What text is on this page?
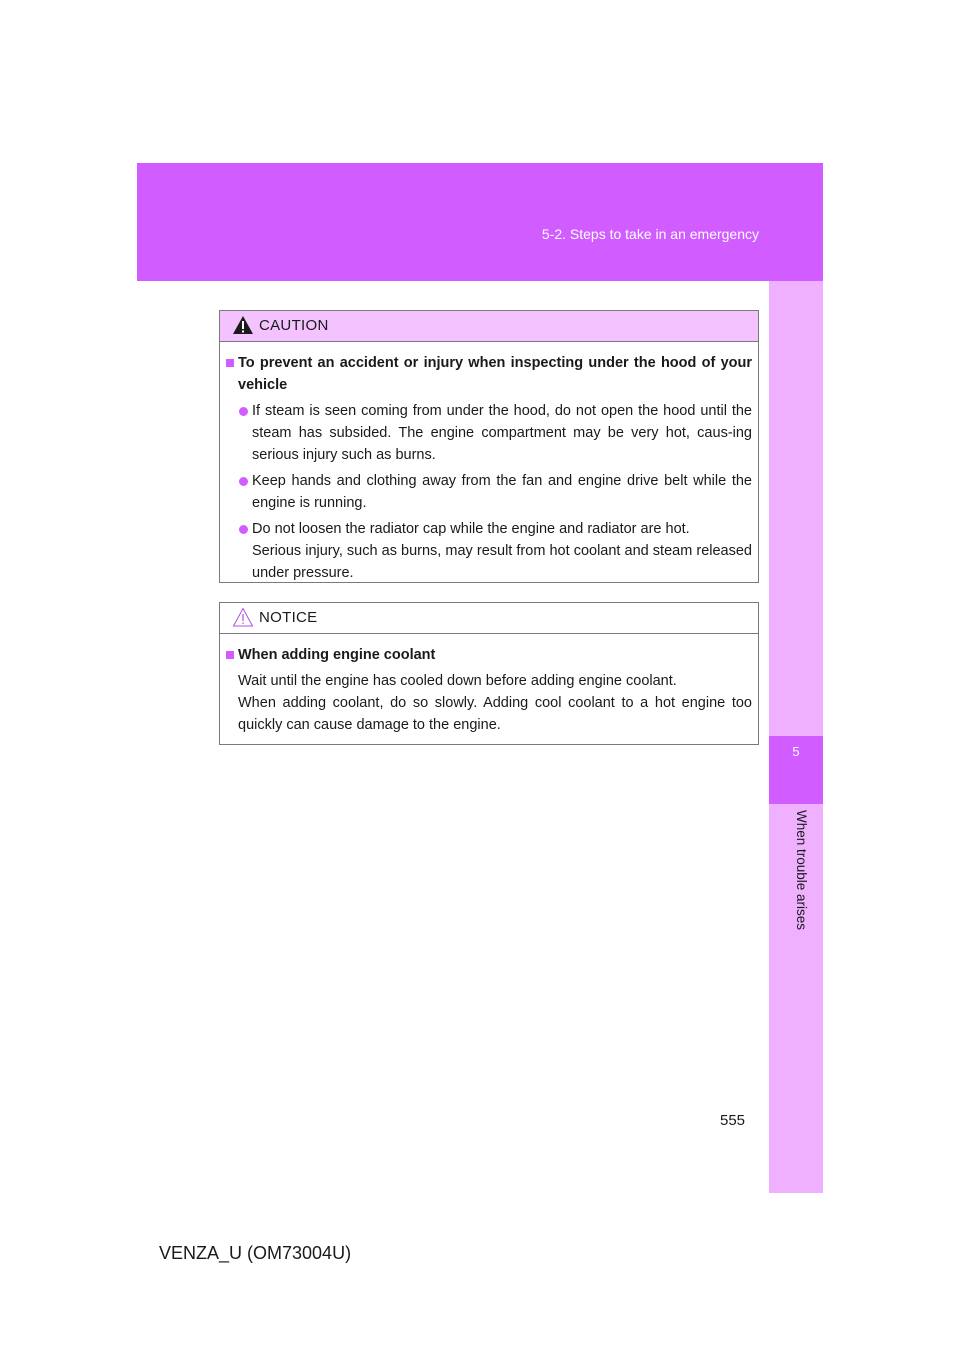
5-2. Steps to take in an emergency
5
When trouble arises
CAUTION
To prevent an accident or injury when inspecting under the hood of your vehicle
If steam is seen coming from under the hood, do not open the hood until the steam has subsided. The engine compartment may be very hot, caus-ing serious injury such as burns.
Keep hands and clothing away from the fan and engine drive belt while the engine is running.
Do not loosen the radiator cap while the engine and radiator are hot.
Serious injury, such as burns, may result from hot coolant and steam released under pressure.
NOTICE
When adding engine coolant
Wait until the engine has cooled down before adding engine coolant.
When adding coolant, do so slowly. Adding cool coolant to a hot engine too quickly can cause damage to the engine.
555
VENZA_U (OM73004U)
